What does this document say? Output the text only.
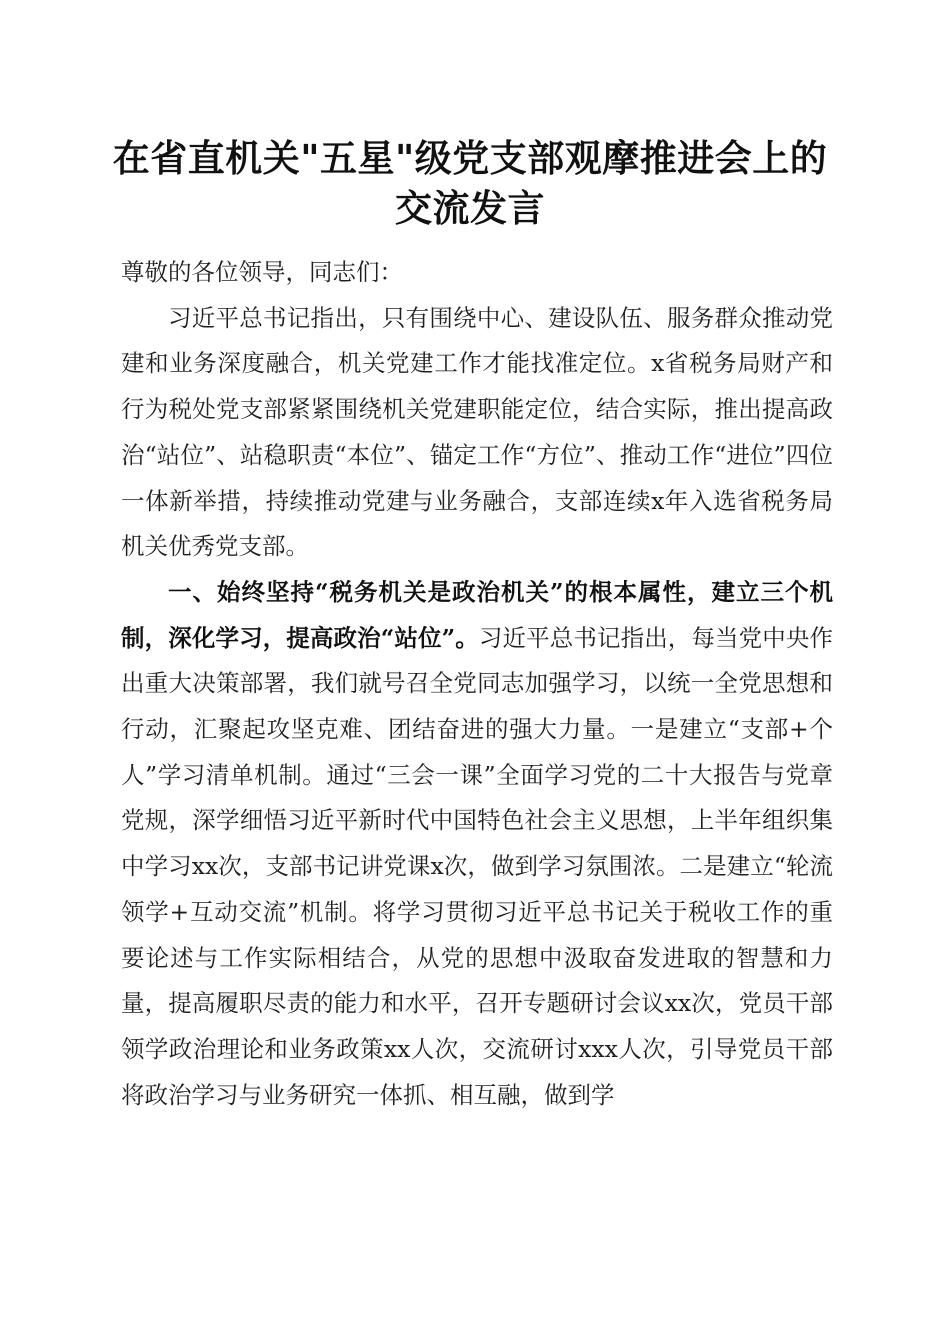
在省直机关"五星"级党支部观摩推进会上的
交流发言

尊敬的各位领导，同志们：

习近平总书记指出，只有围绕中心、建设队伍、服务群众推动党建和业务深度融合，机关党建工作才能找准定位。x省税务局财产和行为税处党支部紧紧围绕机关党建职能定位，结合实际，推出提高政治“站位”、站稳职责“本位”、锚定工作“方位”、推动工作“进位”四位一体新举措，持续推动党建与业务融合，支部连续x年入选省税务局机关优秀党支部。

一、始终坚持“税务机关是政治机关”的根本属性，建立三个机制，深化学习，提高政治“站位”。习近平总书记指出，每当党中央作出重大决策部署，我们就号召全党同志加强学习，以统一全党思想和行动，汇聚起攻坚克难、团结奋进的强大力量。一是建立“支部+个人”学习清单机制。通过“三会一课”全面学习党的二十大报告与党章党规，深学细悟习近平新时代中国特色社会主义思想，上半年组织集中学习xx次，支部书记讲党课x次，做到学习氛围浓。二是建立“轮流领学+互动交流”机制。将学习贯彻习近平总书记关于税收工作的重要论述与工作实际相结合，从党的思想中汲取奋发进取的智慧和力量，提高履职尽责的能力和水平，召开专题研讨会议xx次，党员干部领学政治理论和业务政策xx人次，交流研讨xxx人次，引导党员干部将政治学习与业务研究一体抓、相互融，做到学
